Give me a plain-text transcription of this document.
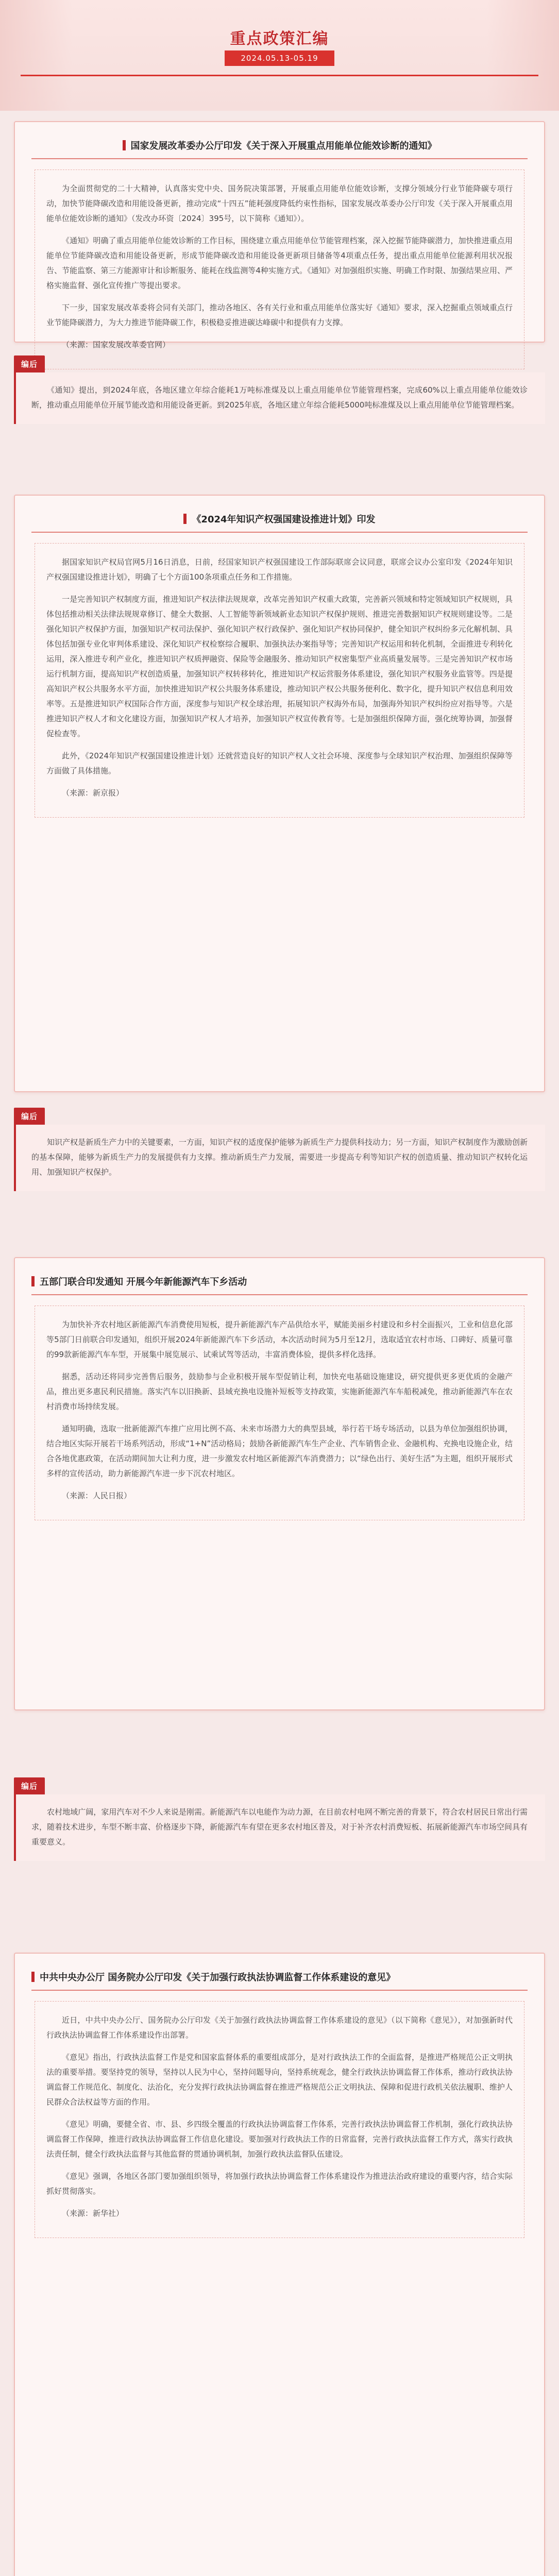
重点政策汇编
2024.05.13-05.19
国家发展改革委办公厅印发《关于深入开展重点用能单位能效诊断的通知》

为全面贯彻党的二十大精神，认真落实党中央、国务院决策部署，开展重点用能单位能效诊断，支撑分领域分行业节能降碳专项行动，加快节能降碳改造和用能设备更新，推动完成“十四五”能耗强度降低约束性指标，国家发展改革委办公厅印发《关于深入开展重点用能单位能效诊断的通知》（发改办环资〔2024〕395号，以下简称《通知》）。

《通知》明确了重点用能单位能效诊断的工作目标，围绕建立重点用能单位节能管理档案，深入挖掘节能降碳潜力，加快推进重点用能单位节能降碳改造和用能设备更新，形成节能降碳改造和用能设备更新项目储备等4项重点任务，提出重点用能单位能源利用状况报告、节能监察、第三方能源审计和诊断服务、能耗在线监测等4种实施方式。《通知》对加强组织实施、明确工作时限、加强结果应用、严格实施监督、强化宣传推广等提出要求。

下一步，国家发展改革委将会同有关部门，推动各地区、各有关行业和重点用能单位落实好《通知》要求，深入挖掘重点领域重点行业节能降碳潜力，为大力推进节能降碳工作，积极稳妥推进碳达峰碳中和提供有力支撑。

（来源：国家发展改革委官网）

编后

《通知》提出，到2024年底，各地区建立年综合能耗1万吨标准煤及以上重点用能单位节能管理档案，完成60%以上重点用能单位能效诊断，推动重点用能单位开展节能改造和用能设备更新。到2025年底，各地区建立年综合能耗5000吨标准煤及以上重点用能单位节能管理档案。

《2024年知识产权强国建设推进计划》印发

据国家知识产权局官网5月16日消息，日前，经国家知识产权强国建设工作部际联席会议同意，联席会议办公室印发《2024年知识产权强国建设推进计划》，明确了七个方面100条项重点任务和工作措施。

一是完善知识产权制度方面，推进知识产权法律法规规章，改革完善知识产权重大政策，完善新兴领域和特定领域知识产权规则，具体包括推动相关法律法规规章修订、健全大数据、人工智能等新领域新业态知识产权保护规则、推进完善数据知识产权规则建设等。二是强化知识产权保护方面，加强知识产权司法保护、强化知识产权行政保护、强化知识产权协同保护，健全知识产权纠纷多元化解机制、具体包括加强专业化审判体系建设、深化知识产权检察综合履职、加强执法办案指导等；完善知识产权运用和转化机制，全面推进专利转化运用，深入推进专利产业化，推进知识产权质押融资、保险等金融服务、推动知识产权密集型产业高质量发展等。三是完善知识产权市场运行机制方面，提高知识产权创造质量，加强知识产权转移转化，推进知识产权运营服务体系建设，强化知识产权服务业监管等。四是提高知识产权公共服务水平方面，加快推进知识产权公共服务体系建设，推动知识产权公共服务便利化、数字化，提升知识产权信息利用效率等。五是推进知识产权国际合作方面，深度参与知识产权全球治理，拓展知识产权海外布局，加强海外知识产权纠纷应对指导等。六是推进知识产权人才和文化建设方面，加强知识产权人才培养，加强知识产权宣传教育等。七是加强组织保障方面，强化统筹协调，加强督促检查等。

此外，《2024年知识产权强国建设推进计划》还就营造良好的知识产权人文社会环境、深度参与全球知识产权治理、加强组织保障等方面做了具体措施。

（来源：新京报）

编后

知识产权是新质生产力中的关键要素，一方面，知识产权的适度保护能够为新质生产力提供科技动力；另一方面，知识产权制度作为激励创新的基本保障，能够为新质生产力的发展提供有力支撑。推动新质生产力发展，需要进一步提高专利等知识产权的创造质量、推动知识产权转化运用、加强知识产权保护。

五部门联合印发通知 开展今年新能源汽车下乡活动

为加快补齐农村地区新能源汽车消费使用短板，提升新能源汽车产品供给水平，赋能美丽乡村建设和乡村全面振兴，工业和信息化部等5部门日前联合印发通知，组织开展2024年新能源汽车下乡活动，本次活动时间为5月至12月，选取适宜农村市场、口碑好、质量可靠的99款新能源汽车车型，开展集中展览展示、试乘试驾等活动，丰富消费体验，提供多样化选择。

据悉，活动还将同步完善售后服务，鼓励参与企业积极开展车型促销让利，加快充电基础设施建设，研究提供更多更优质的金融产品，推出更多惠民利民措施。落实汽车以旧换新、县域充换电设施补短板等支持政策，实施新能源汽车车船税减免，推动新能源汽车在农村消费市场持续发展。

通知明确，选取一批新能源汽车推广应用比例不高、未来市场潜力大的典型县域，举行若干场专场活动，以县为单位加强组织协调，结合地区实际开展若干场系列活动，形成“1+N”活动格局；鼓励各新能源汽车生产企业、汽车销售企业、金融机构、充换电设施企业，结合各地优惠政策，在活动期间加大让利力度，进一步激发农村地区新能源汽车消费潜力；以“绿色出行、美好生活”为主题，组织开展形式多样的宣传活动，助力新能源汽车进一步下沉农村地区。

（来源：人民日报）

编后

农村地域广阔，家用汽车对不少人来说是刚需。新能源汽车以电能作为动力源，在目前农村电网不断完善的背景下，符合农村居民日常出行需求，随着技术进步，车型不断丰富、价格逐步下降，新能源汽车有望在更多农村地区普及，对于补齐农村消费短板、拓展新能源汽车市场空间具有重要意义。

中共中央办公厅 国务院办公厅印发《关于加强行政执法协调监督工作体系建设的意见》

近日，中共中央办公厅、国务院办公厅印发《关于加强行政执法协调监督工作体系建设的意见》（以下简称《意见》），对加强新时代行政执法协调监督工作体系建设作出部署。

《意见》指出，行政执法监督工作是党和国家监督体系的重要组成部分，是对行政执法工作的全面监督，是推进严格规范公正文明执法的重要举措。要坚持党的领导，坚持以人民为中心，坚持问题导向，坚持系统观念，健全行政执法协调监督工作体系，推动行政执法协调监督工作规范化、制度化、法治化，充分发挥行政执法协调监督在推进严格规范公正文明执法、保障和促进行政机关依法履职、维护人民群众合法权益等方面的作用。

《意见》明确，要健全省、市、县、乡四级全覆盖的行政执法协调监督工作体系，完善行政执法协调监督工作机制，强化行政执法协调监督工作保障，推进行政执法协调监督工作信息化建设。要加强对行政执法工作的日常监督，完善行政执法监督工作方式，落实行政执法责任制，健全行政执法监督与其他监督的贯通协调机制，加强行政执法监督队伍建设。

《意见》强调，各地区各部门要加强组织领导，将加强行政执法协调监督工作体系建设作为推进法治政府建设的重要内容，结合实际抓好贯彻落实。

（来源：新华社）
